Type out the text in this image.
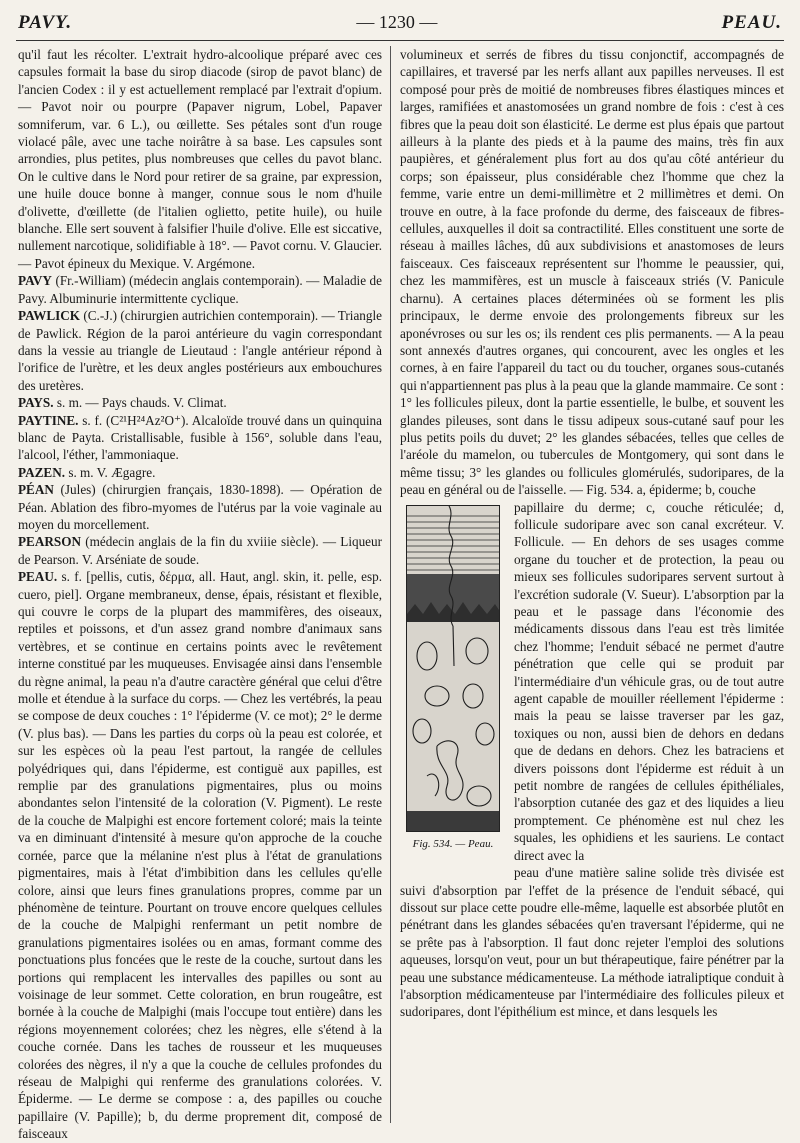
PAVY.	— 1230 —	PEAU.

qu'il faut les récolter. L'extrait hydro-alcoolique préparé avec ces capsules formait la base du sirop diacode (sirop de pavot blanc) de l'ancien Codex : il y est actuellement remplacé par l'extrait d'opium. — Pavot noir ou pourpre (Papaver nigrum, Lobel, Papaver somniferum, var. 6 L.), ou œillette. Ses pétales sont d'un rouge violacé pâle, avec une tache noirâtre à sa base. Les capsules sont arrondies, plus petites, plus nombreuses que celles du pavot blanc. On le cultive dans le Nord pour retirer de sa graine, par expression, une huile douce bonne à manger, connue sous le nom d'huile d'olivette, d'œillette (de l'italien oglietto, petite huile), ou huile blanche. Elle sert souvent à falsifier l'huile d'olive. Elle est siccative, nullement narcotique, solidifiable à 18°. — Pavot cornu. V. Glaucier. — Pavot épineux du Mexique. V. Argémone.

PAVY (Fr.-William) (médecin anglais contemporain). — Maladie de Pavy. Albuminurie intermittente cyclique.

PAWLICK (C.-J.) (chirurgien autrichien contemporain). — Triangle de Pawlick. Région de la paroi antérieure du vagin correspondant dans la vessie au triangle de Lieutaud : l'angle antérieur répond à l'orifice de l'urètre, et les deux angles postérieurs aux embouchures des uretères.

PAYS. s. m. — Pays chauds. V. Climat.

PAYTINE. s. f. (C²¹H²⁴Az²O⁺). Alcaloïde trouvé dans un quinquina blanc de Payta. Cristallisable, fusible à 156°, soluble dans l'eau, l'alcool, l'éther, l'ammoniaque.

PAZEN. s. m. V. Ægagre.

PÉAN (Jules) (chirurgien français, 1830-1898). — Opération de Péan. Ablation des fibro-myomes de l'utérus par la voie vaginale au moyen du morcellement.

PEARSON (médecin anglais de la fin du xviiie siècle). — Liqueur de Pearson. V. Arséniate de soude.

PEAU. s. f. [pellis, cutis, δέρμα, all. Haut, angl. skin, it. pelle, esp. cuero, piel]. Organe membraneux, dense, épais, résistant et flexible, qui couvre le corps de la plupart des mammifères, des oiseaux, reptiles et poissons, et d'un assez grand nombre d'animaux sans vertèbres, et se continue en certains points avec le revêtement interne constitué par les muqueuses. Envisagée ainsi dans l'ensemble du règne animal, la peau n'a d'autre caractère général que celui d'être molle et étendue à la surface du corps. — Chez les vertébrés, la peau se compose de deux couches : 1° l'épiderme (V. ce mot); 2° le derme (V. plus bas). — Dans les parties du corps où la peau est colorée, et sur les espèces où la peau l'est partout, la rangée de cellules polyédriques qui, dans l'épiderme, est contiguë aux papilles, est remplie par des granulations pigmentaires, plus ou moins abondantes selon l'intensité de la coloration (V. Pigment). Le reste de la couche de Malpighi est encore fortement coloré; mais la teinte va en diminuant d'intensité à mesure qu'on approche de la couche cornée, parce que la mélanine n'est plus à l'état de granulations pigmentaires, mais à l'état d'imbibition dans les cellules qu'elle colore, ainsi que leurs fines granulations propres, comme par un phénomène de teinture. Pourtant on trouve encore quelques cellules de la couche de Malpighi renfermant un petit nombre de granulations pigmentaires isolées ou en amas, formant comme des ponctuations plus foncées que le reste de la couche, surtout dans les portions qui remplacent les intervalles des papilles ou sont au voisinage de leur sommet. Cette coloration, en brun rougeâtre, est bornée à la couche de Malpighi (mais l'occupe tout entière) dans les régions moyennement colorées; chez les nègres, elle s'étend à la couche cornée. Dans les taches de rousseur et les muqueuses colorées des nègres, il n'y a que la couche de cellules profondes du réseau de Malpighi qui renferme des granulations colorées. V. Épiderme. — Le derme se compose : a, des papilles ou couche papillaire (V. Papille); b, du derme proprement dit, composé de faisceaux

volumineux et serrés de fibres du tissu conjonctif, accompagnés de capillaires, et traversé par les nerfs allant aux papilles nerveuses. Il est composé pour près de moitié de nombreuses fibres élastiques minces et larges, ramifiées et anastomosées un grand nombre de fois : c'est à ces fibres que la peau doit son élasticité. Le derme est plus épais que partout ailleurs à la plante des pieds et à la paume des mains, très fin aux paupières, et généralement plus fort au dos qu'au côté antérieur du corps; son épaisseur, plus considérable chez l'homme que chez la femme, varie entre un demi-millimètre et 2 millimètres et demi. On trouve en outre, à la face profonde du derme, des faisceaux de fibres-cellules, auxquelles il doit sa contractilité. Elles constituent une sorte de réseau à mailles lâches, dû aux subdivisions et anastomoses de leurs faisceaux. Ces faisceaux représentent sur l'homme le peaussier, qui, chez les mammifères, est un muscle à faisceaux striés (V. Panicule charnu). A certaines places déterminées où se forment les plis principaux, le derme envoie des prolongements fibreux sur les aponévroses ou sur les os; ils rendent ces plis permanents. — A la peau sont annexés d'autres organes, qui concourent, avec les ongles et les cornes, à en faire l'appareil du tact ou du toucher, organes sous-cutanés qui n'appartiennent pas plus à la peau que la glande mammaire. Ce sont : 1° les follicules pileux, dont la partie essentielle, le bulbe, et souvent les glandes pileuses, sont dans le tissu adipeux sous-cutané sauf pour les plus petits poils du duvet; 2° les glandes sébacées, telles que celles de l'aréole du mamelon, ou tubercules de Montgomery, qui sont dans le même tissu; 3° les glandes ou follicules glomérulés, sudoripares, de la peau en général ou de l'aisselle. — Fig. 534. a, épiderme; b, couche

Fig. 534. — Peau.

papillaire du derme; c, couche réticulée; d, follicule sudoripare avec son canal excréteur. V. Follicule. — En dehors de ses usages comme organe du toucher et de protection, la peau ou mieux ses follicules sudoripares servent surtout à l'excrétion sudorale (V. Sueur). L'absorption par la peau et le passage dans l'économie des médicaments dissous dans l'eau est très limitée chez l'homme; l'enduit sébacé ne permet d'autre pénétration que celle qui se produit par l'intermédiaire d'un véhicule gras, ou de tout autre agent capable de mouiller réellement l'épiderme : mais la peau se laisse traverser par les gaz, toxiques ou non, aussi bien de dehors en dedans que de dedans en dehors. Chez les batraciens et divers poissons dont l'épiderme est réduit à un petit nombre de rangées de cellules épithéliales, l'absorption cutanée des gaz et des liquides a lieu promptement. Ce phénomène est nul chez les squales, les ophidiens et les sauriens. Le contact direct avec la

peau d'une matière saline solide très divisée est suivi d'absorption par l'effet de la présence de l'enduit sébacé, qui dissout sur place cette poudre elle-même, laquelle est absorbée plutôt en pénétrant dans les glandes sébacées qu'en traversant l'épiderme, qui ne se prête pas à l'absorption. Il faut donc rejeter l'emploi des solutions aqueuses, lorsqu'on veut, pour un but thérapeutique, faire pénétrer par la peau une substance médicamenteuse. La méthode iatraliptique conduit à l'absorption médicamenteuse par l'intermédiaire des follicules pileux et sudoripares, dont l'épithélium est mince, et dans lesquels les
